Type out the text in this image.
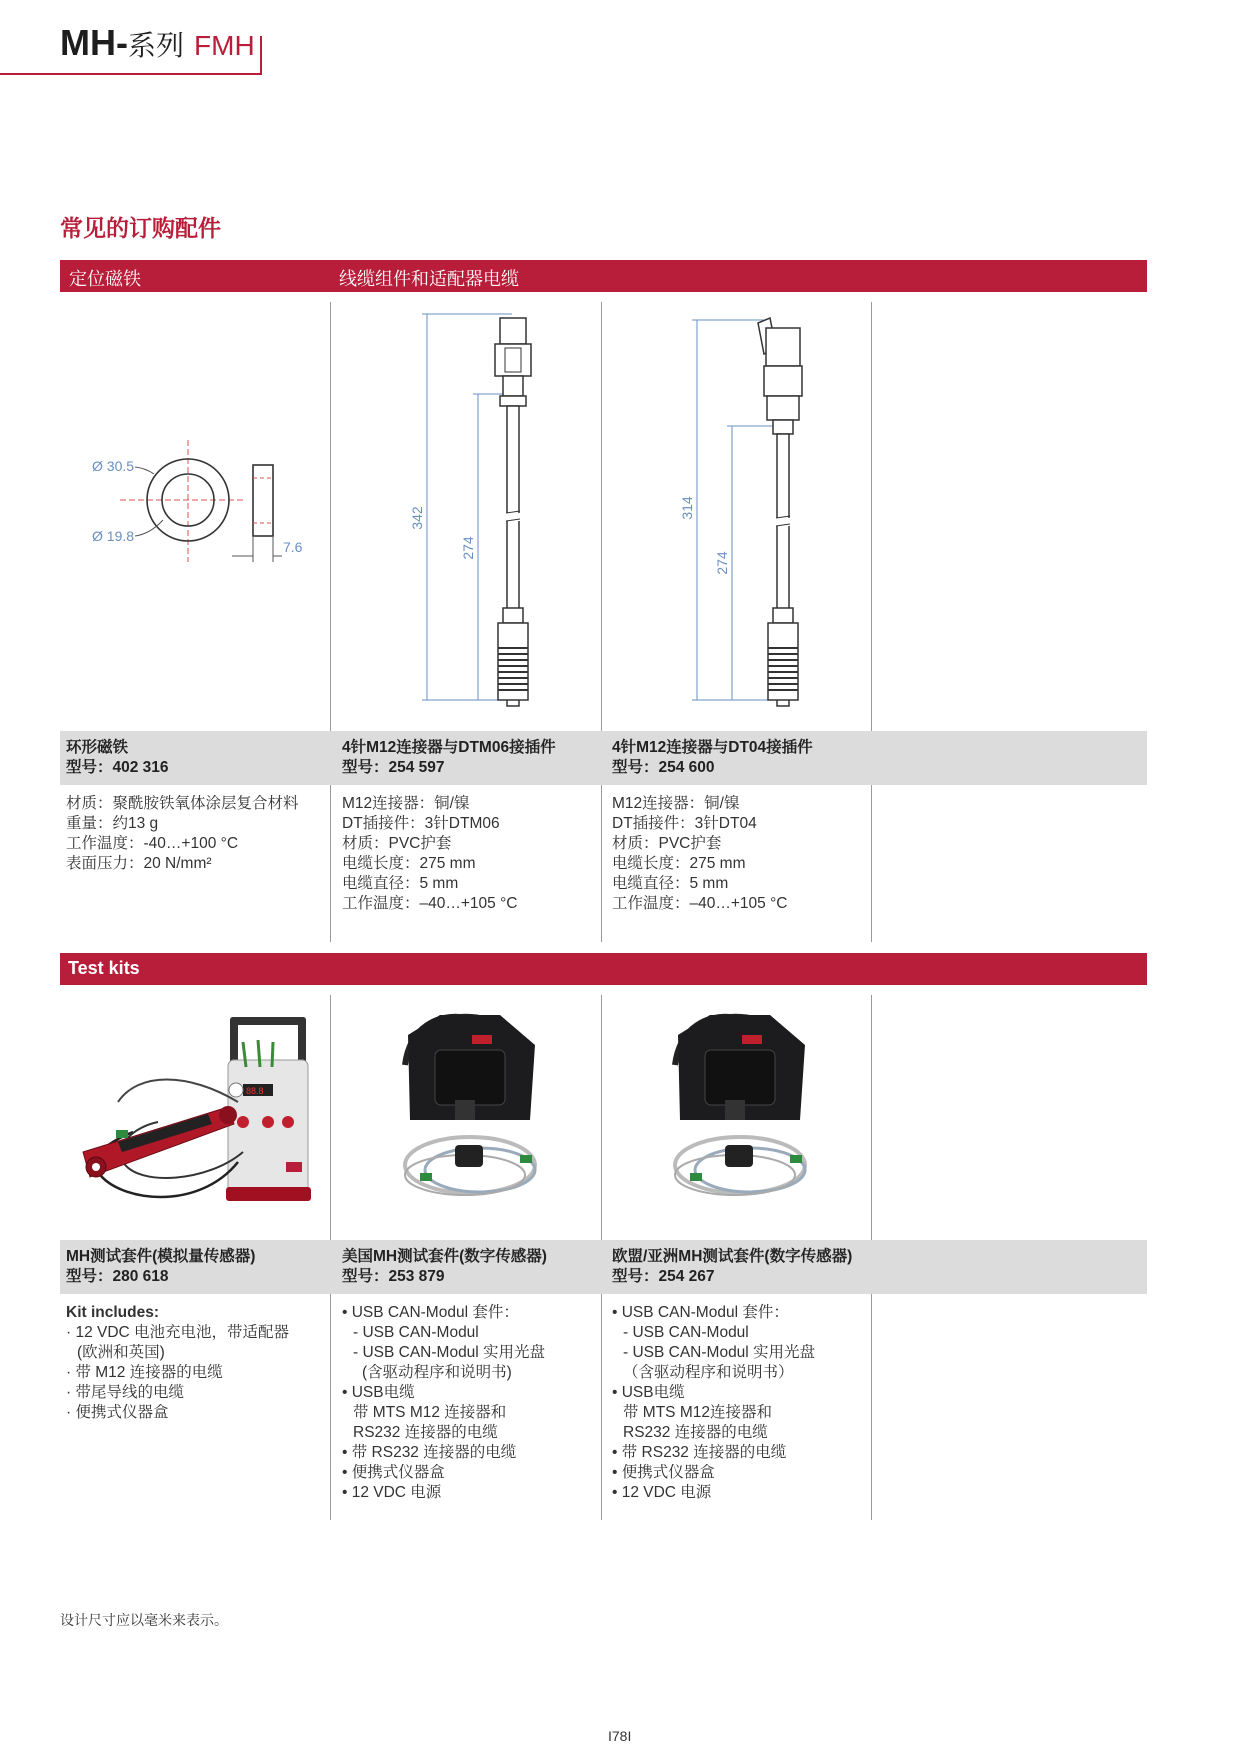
MH-系列 FMH
常见的订购配件
定位磁铁	线缆组件和适配器电缆
Ø 30.5
Ø 19.8
7.6
342
274
314
274
环形磁铁
型号：402 316
4针M12连接器与DTM06接插件
型号：254 597
4针M12连接器与DT04接插件
型号：254 600
材质：聚酰胺铁氧体涂层复合材料
重量：约13 g
工作温度：-40…+100 °C
表面压力：20 N/mm²
M12连接器：铜/镍
DT插接件：3针DTM06
材质：PVC护套
电缆长度：275 mm
电缆直径：5 mm
工作温度：–40…+105 °C
M12连接器：铜/镍
DT插接件：3针DT04
材质：PVC护套
电缆长度：275 mm
电缆直径：5 mm
工作温度：–40…+105 °C
Test kits
88.8
MH测试套件(模拟量传感器)
型号：280 618
美国MH测试套件(数字传感器)
型号：253 879
欧盟/亚洲MH测试套件(数字传感器)
型号：254 267
Kit includes:
· 12 VDC 电池充电池，带适配器
(欧洲和英国)
· 带 M12 连接器的电缆
· 带尾导线的电缆
· 便携式仪器盒
• USB CAN-Modul 套件：
- USB CAN-Modul
- USB CAN-Modul 实用光盘
(含驱动程序和说明书)
• USB电缆
带 MTS M12 连接器和
RS232 连接器的电缆
• 带 RS232 连接器的电缆
• 便携式仪器盒
• 12 VDC 电源
• USB CAN-Modul 套件：
- USB CAN-Modul
- USB CAN-Modul 实用光盘
（含驱动程序和说明书）
• USB电缆
带 MTS M12连接器和
RS232 连接器的电缆
• 带 RS232 连接器的电缆
• 便携式仪器盒
• 12 VDC 电源
设计尺寸应以毫米来表示。
I78I
